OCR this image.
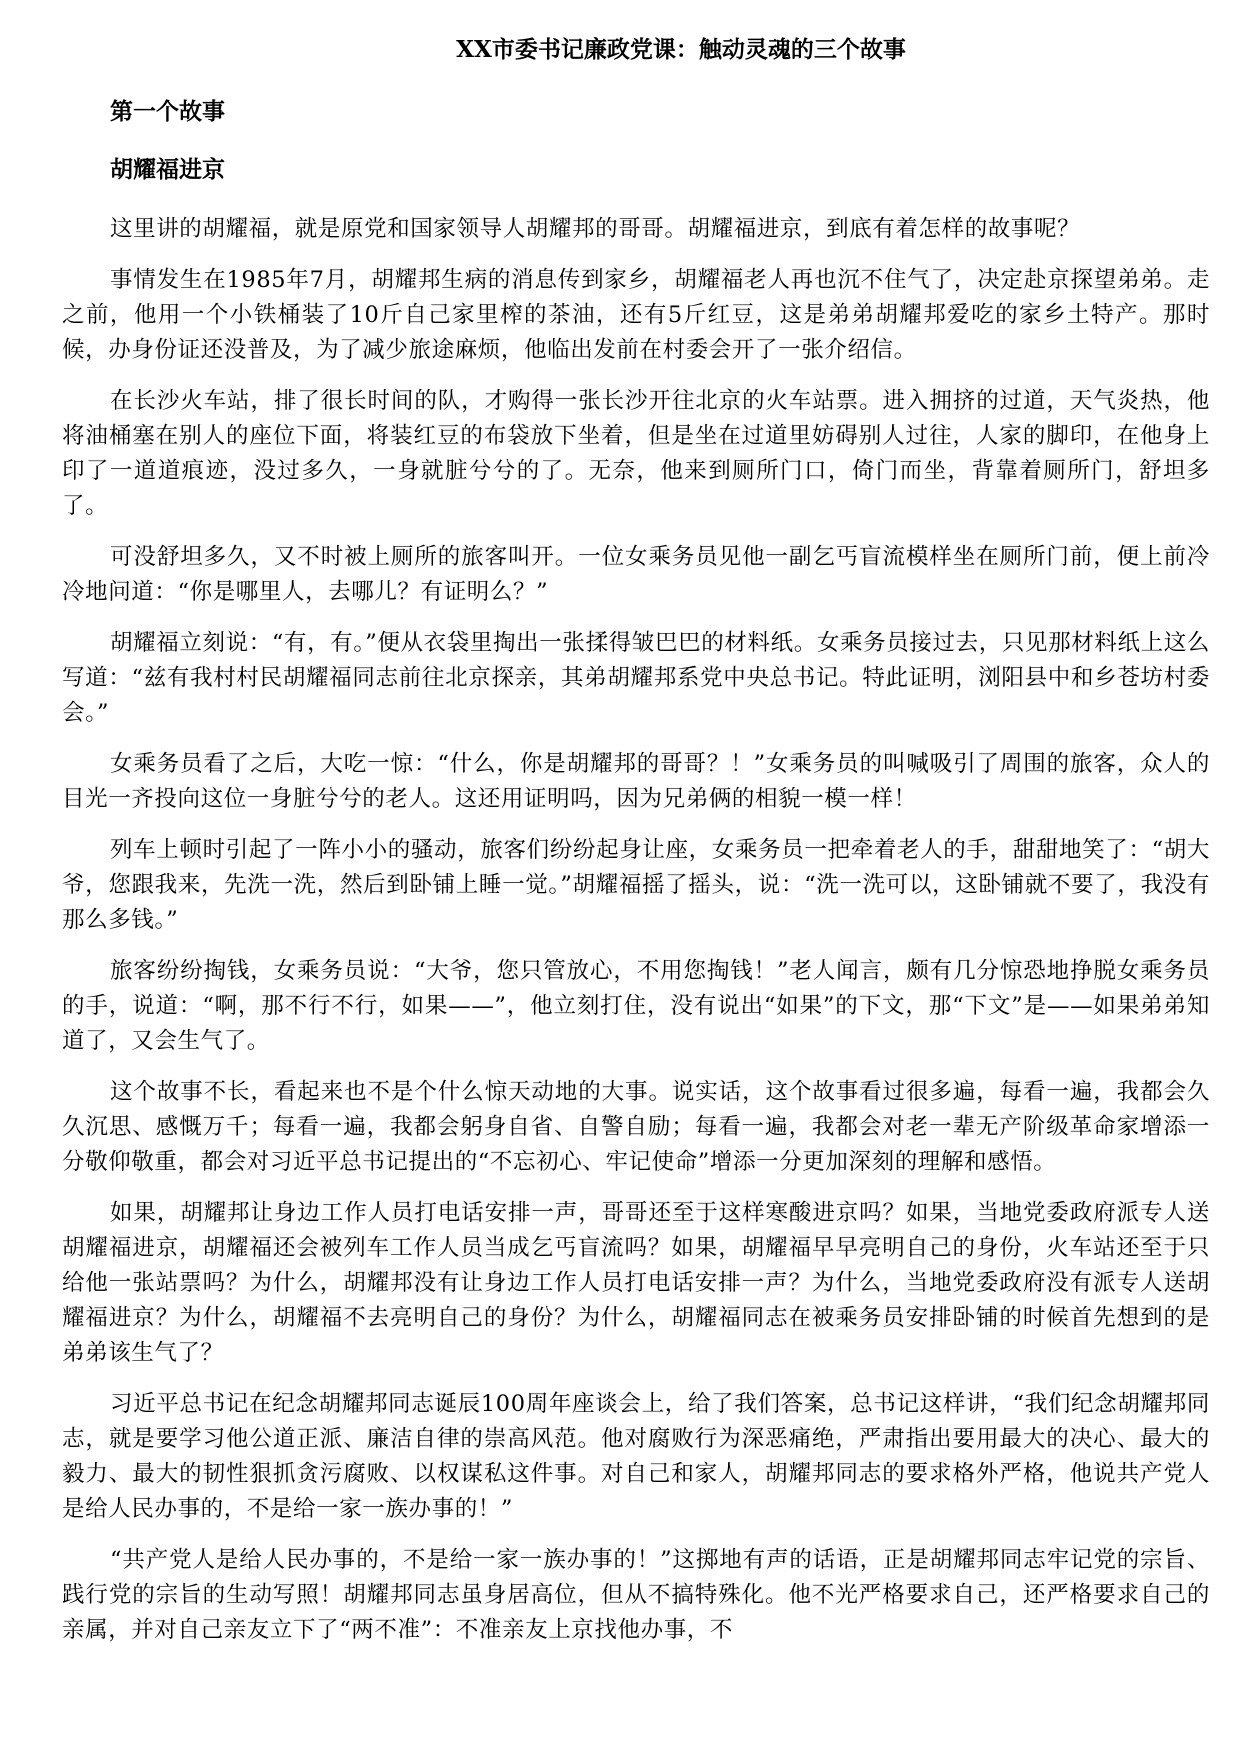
XX市委书记廉政党课：触动灵魂的三个故事
第一个故事
胡耀福进京

这里讲的胡耀福，就是原党和国家领导人胡耀邦的哥哥。胡耀福进京，到底有着怎样的故事呢？

事情发生在1985年7月，胡耀邦生病的消息传到家乡，胡耀福老人再也沉不住气了，决定赴京探望弟弟。走之前，他用一个小铁桶装了10斤自己家里榨的茶油，还有5斤红豆，这是弟弟胡耀邦爱吃的家乡土特产。那时候，办身份证还没普及，为了减少旅途麻烦，他临出发前在村委会开了一张介绍信。

在长沙火车站，排了很长时间的队，才购得一张长沙开往北京的火车站票。进入拥挤的过道，天气炎热，他将油桶塞在别人的座位下面，将装红豆的布袋放下坐着，但是坐在过道里妨碍别人过往，人家的脚印，在他身上印了一道道痕迹，没过多久，一身就脏兮兮的了。无奈，他来到厕所门口，倚门而坐，背靠着厕所门，舒坦多了。

可没舒坦多久，又不时被上厕所的旅客叫开。一位女乘务员见他一副乞丐盲流模样坐在厕所门前，便上前冷冷地问道：“你是哪里人，去哪儿？有证明么？”

胡耀福立刻说：“有，有。”便从衣袋里掏出一张揉得皱巴巴的材料纸。女乘务员接过去，只见那材料纸上这么写道：“兹有我村村民胡耀福同志前往北京探亲，其弟胡耀邦系党中央总书记。特此证明，浏阳县中和乡苍坊村委会。”

女乘务员看了之后，大吃一惊：“什么，你是胡耀邦的哥哥？！”女乘务员的叫喊吸引了周围的旅客，众人的目光一齐投向这位一身脏兮兮的老人。这还用证明吗，因为兄弟俩的相貌一模一样！

列车上顿时引起了一阵小小的骚动，旅客们纷纷起身让座，女乘务员一把牵着老人的手，甜甜地笑了：“胡大爷，您跟我来，先洗一洗，然后到卧铺上睡一觉。”胡耀福摇了摇头，说：“洗一洗可以，这卧铺就不要了，我没有那么多钱。”

旅客纷纷掏钱，女乘务员说：“大爷，您只管放心，不用您掏钱！”老人闻言，颇有几分惊恐地挣脱女乘务员的手，说道：“啊，那不行不行，如果——”，他立刻打住，没有说出“如果”的下文，那“下文”是——如果弟弟知道了，又会生气了。

这个故事不长，看起来也不是个什么惊天动地的大事。说实话，这个故事看过很多遍，每看一遍，我都会久久沉思、感慨万千；每看一遍，我都会躬身自省、自警自励；每看一遍，我都会对老一辈无产阶级革命家增添一分敬仰敬重，都会对习近平总书记提出的“不忘初心、牢记使命”增添一分更加深刻的理解和感悟。

如果，胡耀邦让身边工作人员打电话安排一声，哥哥还至于这样寒酸进京吗？如果，当地党委政府派专人送胡耀福进京，胡耀福还会被列车工作人员当成乞丐盲流吗？如果，胡耀福早早亮明自己的身份，火车站还至于只给他一张站票吗？为什么，胡耀邦没有让身边工作人员打电话安排一声？为什么，当地党委政府没有派专人送胡耀福进京？为什么，胡耀福不去亮明自己的身份？为什么，胡耀福同志在被乘务员安排卧铺的时候首先想到的是弟弟该生气了？

习近平总书记在纪念胡耀邦同志诞辰100周年座谈会上，给了我们答案，总书记这样讲，“我们纪念胡耀邦同志，就是要学习他公道正派、廉洁自律的崇高风范。他对腐败行为深恶痛绝，严肃指出要用最大的决心、最大的毅力、最大的韧性狠抓贪污腐败、以权谋私这件事。对自己和家人，胡耀邦同志的要求格外严格，他说共产党人是给人民办事的，不是给一家一族办事的！”

“共产党人是给人民办事的，不是给一家一族办事的！”这掷地有声的话语，正是胡耀邦同志牢记党的宗旨、践行党的宗旨的生动写照！胡耀邦同志虽身居高位，但从不搞特殊化。他不光严格要求自己，还严格要求自己的亲属，并对自己亲友立下了“两不准”：不准亲友上京找他办事，不
